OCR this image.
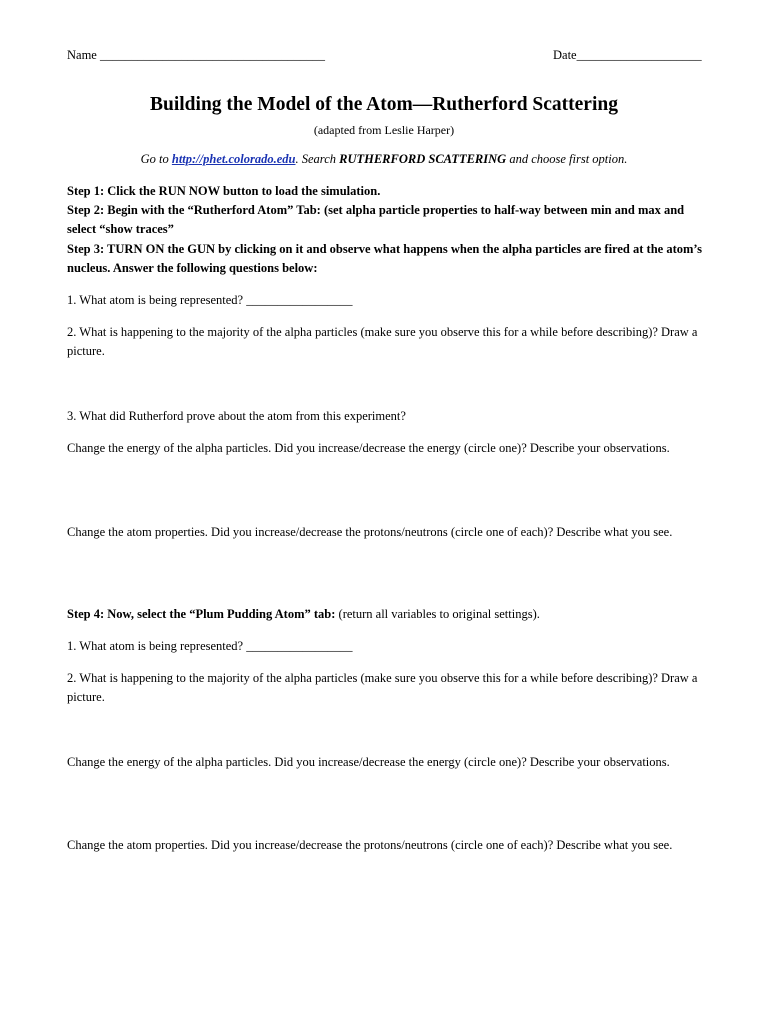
Name ____________________________________	Date____________________
Building the Model of the Atom—Rutherford Scattering
(adapted from Leslie Harper)
Go to http://phet.colorado.edu. Search RUTHERFORD SCATTERING and choose first option.
Step 1: Click the RUN NOW button to load the simulation.
Step 2: Begin with the “Rutherford Atom” Tab: (set alpha particle properties to half-way between min and max and select “show traces”
Step 3: TURN ON the GUN by clicking on it and observe what happens when the alpha particles are fired at the atom’s nucleus. Answer the following questions below:
1. What atom is being represented? _________________
2. What is happening to the majority of the alpha particles (make sure you observe this for a while before describing)? Draw a picture.
3. What did Rutherford prove about the atom from this experiment?
Change the energy of the alpha particles. Did you increase/decrease the energy (circle one)? Describe your observations.
Change the atom properties. Did you increase/decrease the protons/neutrons (circle one of each)? Describe what you see.
Step 4: Now, select the “Plum Pudding Atom” tab: (return all variables to original settings).
1. What atom is being represented? _________________
2. What is happening to the majority of the alpha particles (make sure you observe this for a while before describing)? Draw a picture.
Change the energy of the alpha particles. Did you increase/decrease the energy (circle one)? Describe your observations.
Change the atom properties. Did you increase/decrease the protons/neutrons (circle one of each)? Describe what you see.
